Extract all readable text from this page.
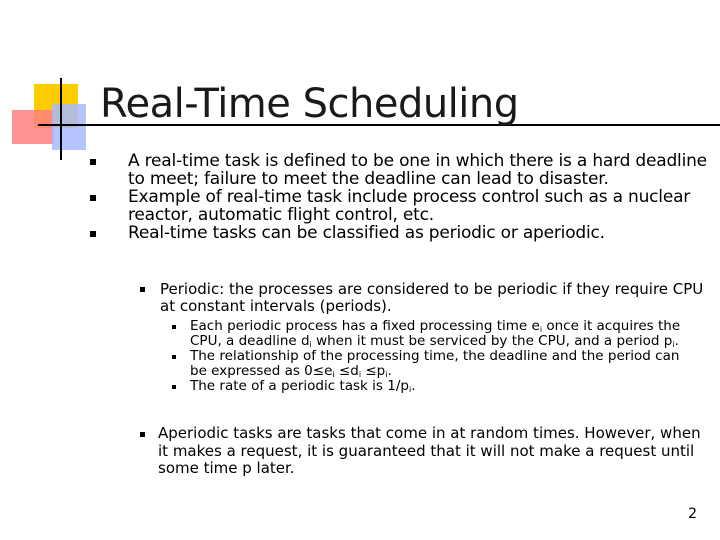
Real-Time Scheduling
A real-time task is defined to be one in which there is a hard deadline to meet; failure to meet the deadline can lead to disaster.
Example of real-time task include process control such as a nuclear reactor, automatic flight control, etc.
Real-time tasks can be classified as periodic or aperiodic.
Periodic: the processes are considered to be periodic if they require CPU at constant intervals (periods).
Each periodic process has a fixed processing time $e_i$ once it acquires the CPU, a deadline $d_i$ when it must be serviced by the CPU, and a period $p_i$.
The relationship of the processing time, the deadline and the period can be expressed as $0\le e_i \le d_i \le p_i$.
The rate of a periodic task is $1/p_i$.
Aperiodic tasks are tasks that come in at random times. However, when it makes a request, it is guaranteed that it will not make a request until some time p later.
2
